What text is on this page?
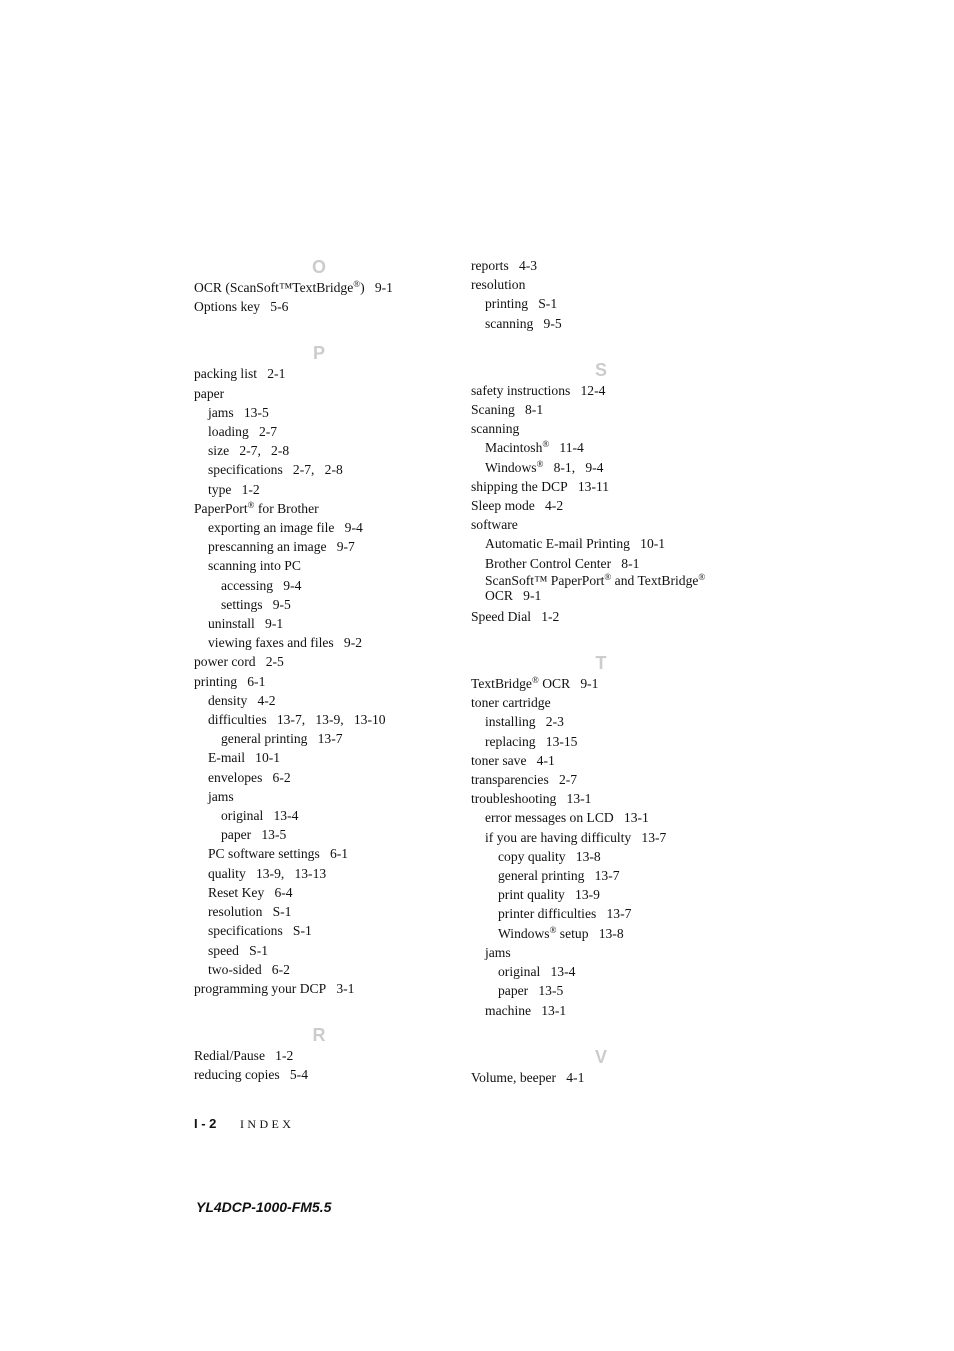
O
OCR (ScanSoft™TextBridge®)   9-1
Options key   5-6
P
packing list   2-1
paper
jams   13-5
loading   2-7
size   2-7,   2-8
specifications   2-7,   2-8
type   1-2
PaperPort® for Brother
exporting an image file   9-4
prescanning an image   9-7
scanning into PC
accessing   9-4
settings   9-5
uninstall   9-1
viewing faxes and files   9-2
power cord   2-5
printing   6-1
density   4-2
difficulties   13-7,   13-9,   13-10
general printing   13-7
E-mail   10-1
envelopes   6-2
jams
original   13-4
paper   13-5
PC software settings   6-1
quality   13-9,   13-13
Reset Key   6-4
resolution   S-1
specifications   S-1
speed   S-1
two-sided   6-2
programming your DCP   3-1
R
Redial/Pause   1-2
reducing copies   5-4
reports   4-3
resolution
printing   S-1
scanning   9-5
S
safety instructions   12-4
Scaning   8-1
scanning
Macintosh®   11-4
Windows®   8-1,   9-4
shipping the DCP   13-11
Sleep mode   4-2
software
Automatic E-mail Printing   10-1
Brother Control Center   8-1
ScanSoft™ PaperPort® and TextBridge®
OCR   9-1
Speed Dial   1-2
T
TextBridge® OCR   9-1
toner cartridge
installing   2-3
replacing   13-15
toner save   4-1
transparencies   2-7
troubleshooting   13-1
error messages on LCD   13-1
if you are having difficulty   13-7
copy quality   13-8
general printing   13-7
print quality   13-9
printer difficulties   13-7
Windows® setup   13-8
jams
original   13-4
paper   13-5
machine   13-1
V
Volume, beeper   4-1
I - 2 INDEX
YL4DCP-1000-FM5.5
